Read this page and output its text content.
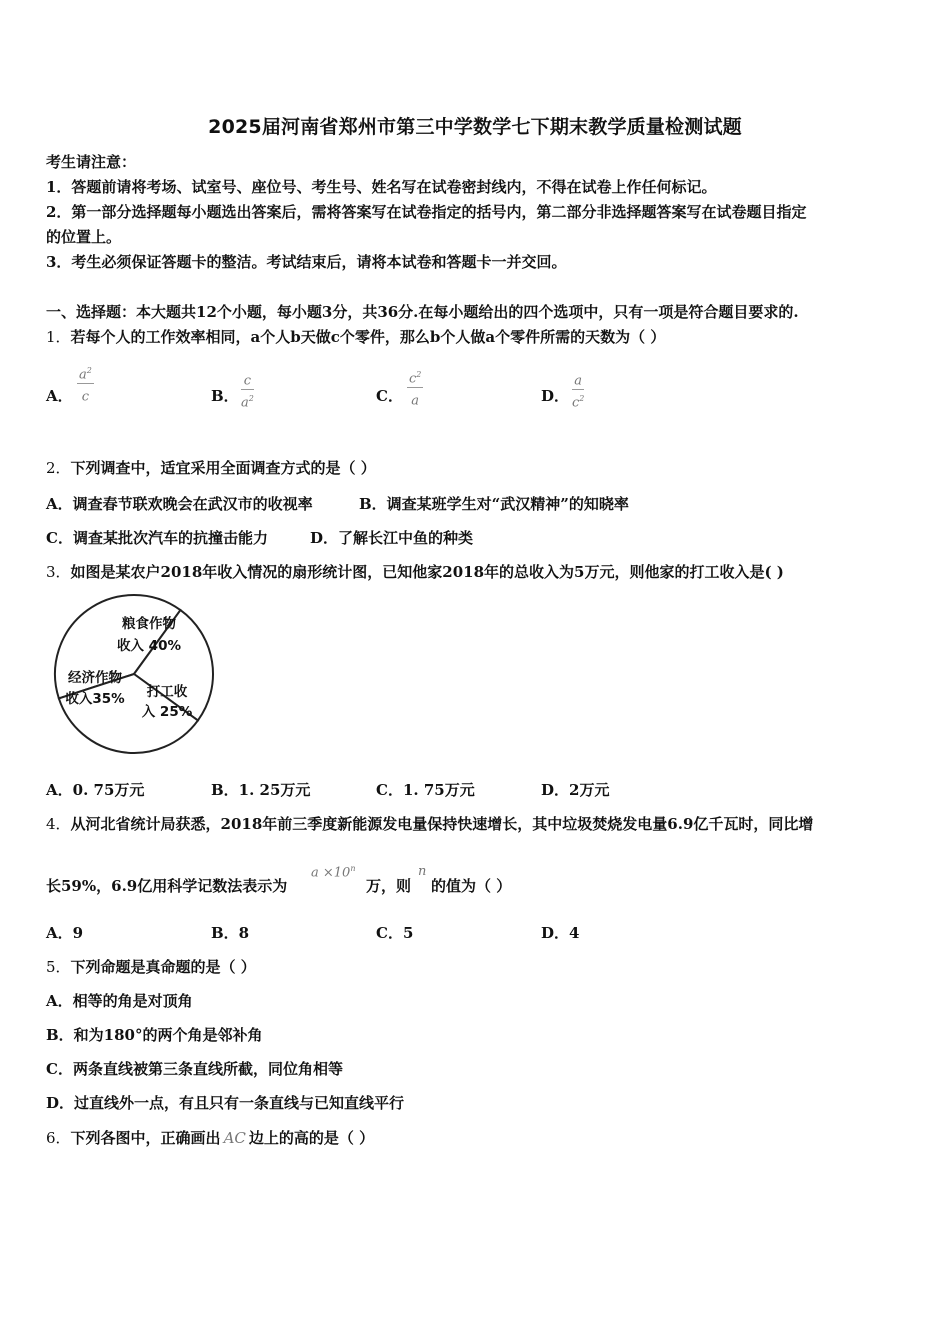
2025届河南省郑州市第三中学数学七下期末教学质量检测试题
考生请注意：
1．答题前请将考场、试室号、座位号、考生号、姓名写在试卷密封线内，不得在试卷上作任何标记。
2．第一部分选择题每小题选出答案后，需将答案写在试卷指定的括号内，第二部分非选择题答案写在试卷题目指定
的位置上。
3．考生必须保证答题卡的整洁。考试结束后，请将本试卷和答题卡一并交回。
一、选择题：本大题共12个小题，每小题3分，共36分.在每小题给出的四个选项中，只有一项是符合题目要求的.
1．若每个人的工作效率相同，a个人b天做c个零件，那么b个人做a个零件所需的天数为（ ）
A． $\frac{a^2}{c}$	B． $\frac{c}{a^2}$	C． $\frac{c^2}{a}$	D． $\frac{a}{c^2}$
2．下列调查中，适宜采用全面调查方式的是（ ）
A．调查春节联欢晚会在武汉市的收视率	B．调查某班学生对“武汉精神”的知晓率
C．调查某批次汽车的抗撞击能力	D．了解长江中鱼的种类
3．如图是某农户2018年收入情况的扇形统计图，已知他家2018年的总收入为5万元，则他家的打工收入是( )
粮食作物
收入 40%
打工收
入 25%
经济作物
收入35%
A．0. 75万元	B．1. 25万元	C．1. 75万元	D．2万元
4．从河北省统计局获悉，2018年前三季度新能源发电量保持快速增长，其中垃圾焚烧发电量6.9亿千瓦时，同比增
长59%，6.9亿用科学记数法表示为
$a \times 10^n$
万，则
n
的值为（ ）
A．9	B．8	C．5	D．4
5．下列命题是真命题的是（ ）
A．相等的角是对顶角
B．和为180°的两个角是邻补角
C．两条直线被第三条直线所截，同位角相等
D．过直线外一点，有且只有一条直线与已知直线平行
6．下列各图中，正确画出 AC 边上的高的是（ ）
